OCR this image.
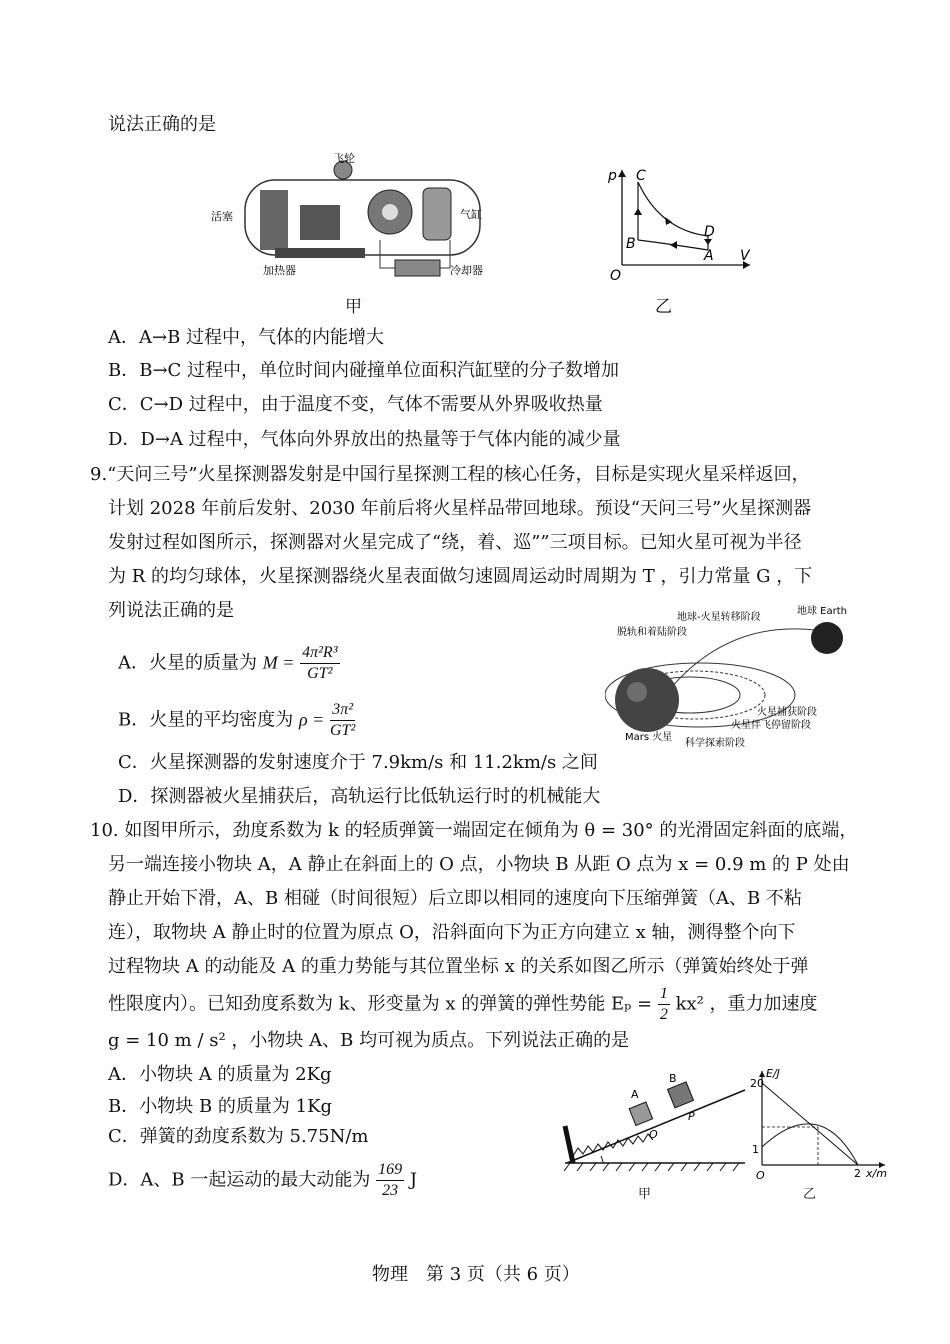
说法正确的是
飞轮
活塞	气缸
加热器	冷却器
甲
p
V
O
C
B
D
A
乙
A．A→B 过程中，气体的内能增大
B．B→C 过程中，单位时间内碰撞单位面积汽缸壁的分子数增加
C．C→D 过程中，由于温度不变，气体不需要从外界吸收热量
D．D→A 过程中，气体向外界放出的热量等于气体内能的减少量
9.“天问三号”火星探测器发射是中国行星探测工程的核心任务，目标是实现火星采样返回，
计划 2028 年前后发射、2030 年前后将火星样品带回地球。预设“天问三号”火星探测器
发射过程如图所示，探测器对火星完成了“绕，着、巡””三项目标。已知火星可视为半径
为 R 的均匀球体，火星探测器绕火星表面做匀速圆周运动时周期为 T ，引力常量 G ，下
列说法正确的是
A．火星的质量为 $M = \frac{\text{4π²R³}}{\text{GT²}}$
B．火星的平均密度为 $\rho = \frac{\text{3π²}}{\text{GT²}}$
C．火星探测器的发射速度介于 7.9km/s 和 11.2km/s 之间
D．探测器被火星捕获后，高轨运行比低轨运行时的机械能大
地球-火星转移阶段
地球 Earth
脱轨和着陆阶段
火星捕获阶段
火星伴飞停留阶段
Mars 火星
科学探索阶段
10. 如图甲所示，劲度系数为 k 的轻质弹簧一端固定在倾角为 θ = 30° 的光滑固定斜面的底端，
另一端连接小物块 A，A 静止在斜面上的 O 点，小物块 B 从距 O 点为 x = 0.9 m 的 P 处由
静止开始下滑，A、B 相碰（时间很短）后立即以相同的速度向下压缩弹簧（A、B 不粘
连），取物块 A 静止时的位置为原点 O，沿斜面向下为正方向建立 x 轴，测得整个向下
过程物块 A 的动能及 A 的重力势能与其位置坐标 x 的关系如图乙所示（弹簧始终处于弹
性限度内）。已知劲度系数为 k、形变量为 x 的弹簧的弹性势能 $E_p = \frac{1}{2} kx^2$ ，重力加速度
g = 10 m / s² ，小物块 A、B 均可视为质点。下列说法正确的是
A．小物块 A 的质量为 2Kg
B．小物块 B 的质量为 1Kg
C．弹簧的劲度系数为 5.75N/m
D．A、B 一起运动的最大动能为 $\frac{169}{23}$ J
A
B
O
P
甲
E/J
20
1
O	2 x/m
乙
物理　第 3 页（共 6 页）
